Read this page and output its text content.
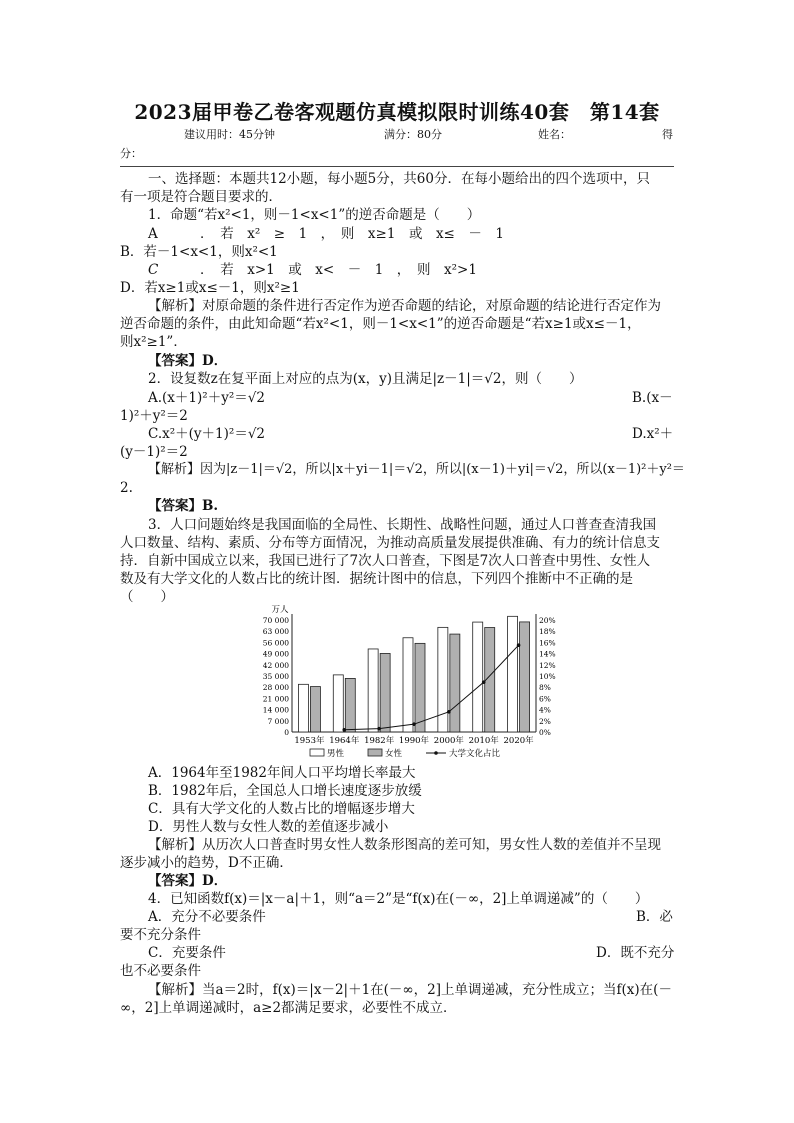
2023届甲卷乙卷客观题仿真模拟限时训练40套　第14套
建议用时：45分钟	满分：80分	姓名：	得
分：
一、选择题：本题共12小题，每小题5分，共60分．在每小题给出的四个选项中，只
有一项是符合题目要求的．
1．命题“若x²<1，则－1<x<1”的逆否命题是（　　）
A	．　若　x²　≥　1　，　则　x≥1　或　x≤　－　1
B．若－1<x<1，则x²<1
C	．　若　x>1　或　x<　－　1　，　则　x²>1
D．若x≥1或x≤－1，则x²≥1
【解析】对原命题的条件进行否定作为逆否命题的结论，对原命题的结论进行否定作为
逆否命题的条件，由此知命题“若x²<1，则－1<x<1”的逆否命题是“若x≥1或x≤－1，
则x²≥1”．
【答案】D．
2．设复数z在复平面上对应的点为(x，y)且满足|z－1|＝√2，则（　　）
A.(x＋1)²＋y²＝√2	B.(x－
1)²＋y²＝2
C.x²＋(y＋1)²＝√2	D.x²＋
(y－1)²＝2
【解析】因为|z－1|＝√2，所以|x＋yi－1|＝√2，所以|(x－1)＋yi|＝√2，所以(x－1)²＋y²＝
2.
【答案】B.
3．人口问题始终是我国面临的全局性、长期性、战略性问题，通过人口普查查清我国
人口数量、结构、素质、分布等方面情况，为推动高质量发展提供准确、有力的统计信息支
持．自新中国成立以来，我国已进行了7次人口普查，下图是7次人口普查中男性、女性人
数及有大学文化的人数占比的统计图．据统计图中的信息，下列四个推断中不正确的是
（　　）
0
7 000
14 000
21 000
28 000
35 000
42 000
49 000
56 000
63 000
70 000
0%
2%
4%
6%
8%
10%
12%
14%
16%
18%
20%
万人
1953年 1964年 1982年 1990年 2000年 2010年 2020年
男性	女性	大学文化占比
A．1964年至1982年间人口平均增长率最大
B．1982年后，全国总人口增长速度逐步放缓
C．具有大学文化的人数占比的增幅逐步增大
D．男性人数与女性人数的差值逐步减小
【解析】从历次人口普查时男女性人数条形图高的差可知，男女性人数的差值并不呈现
逐步减小的趋势，D不正确．
【答案】D．
4．已知函数f(x)＝|x－a|＋1，则“a＝2”是“f(x)在(－∞，2]上单调递减”的（　　）
A．充分不必要条件	B．必
要不充分条件
C．充要条件	D．既不充分
也不必要条件
【解析】当a＝2时，f(x)＝|x－2|＋1在(－∞，2]上单调递减，充分性成立；当f(x)在(－
∞，2]上单调递减时，a≥2都满足要求，必要性不成立．
